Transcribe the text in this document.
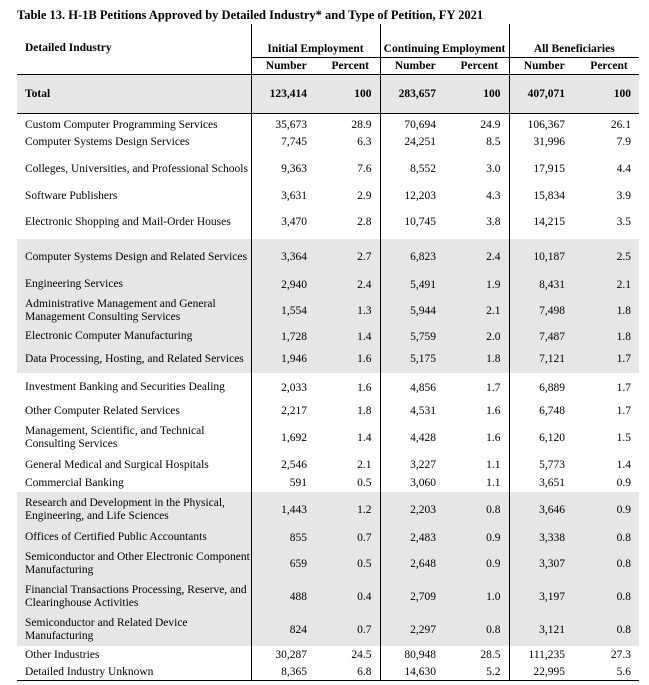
Table 13. H-1B Petitions Approved by Detailed Industry* and Type of Petition, FY 2021
Detailed Industry	Initial Employment		Continuing Employment		All Beneficiaries	
	Number	Percent	Number	Percent	Number	Percent
Total	123,414	100	283,657	100	407,071	100

Custom Computer Programming Services	35,673	28.9	70,694	24.9	106,367	26.1
Computer Systems Design Services	7,745	6.3	24,251	8.5	31,996	7.9
Colleges, Universities, and Professional Schools	9,363	7.6	8,552	3.0	17,915	4.4
Software Publishers	3,631	2.9	12,203	4.3	15,834	3.9
Electronic Shopping and Mail-Order Houses	3,470	2.8	10,745	3.8	14,215	3.5
Computer Systems Design and Related Services	3,364	2.7	6,823	2.4	10,187	2.5
Engineering Services	2,940	2.4	5,491	1.9	8,431	2.1
Administrative Management and General Management Consulting Services	1,554	1.3	5,944	2.1	7,498	1.8
Electronic Computer Manufacturing	1,728	1.4	5,759	2.0	7,487	1.8
Data Processing, Hosting, and Related Services	1,946	1.6	5,175	1.8	7,121	1.7
Investment Banking and Securities Dealing	2,033	1.6	4,856	1.7	6,889	1.7
Other Computer Related Services	2,217	1.8	4,531	1.6	6,748	1.7
Management, Scientific, and Technical Consulting Services	1,692	1.4	4,428	1.6	6,120	1.5
General Medical and Surgical Hospitals	2,546	2.1	3,227	1.1	5,773	1.4
Commercial Banking	591	0.5	3,060	1.1	3,651	0.9
Research and Development in the Physical, Engineering, and Life Sciences	1,443	1.2	2,203	0.8	3,646	0.9
Offices of Certified Public Accountants	855	0.7	2,483	0.9	3,338	0.8
Semiconductor and Other Electronic Component Manufacturing	659	0.5	2,648	0.9	3,307	0.8
Financial Transactions Processing, Reserve, and Clearinghouse Activities	488	0.4	2,709	1.0	3,197	0.8
Semiconductor and Related Device Manufacturing	824	0.7	2,297	0.8	3,121	0.8
Other Industries	30,287	24.5	80,948	28.5	111,235	27.3
Detailed Industry Unknown	8,365	6.8	14,630	5.2	22,995	5.6
